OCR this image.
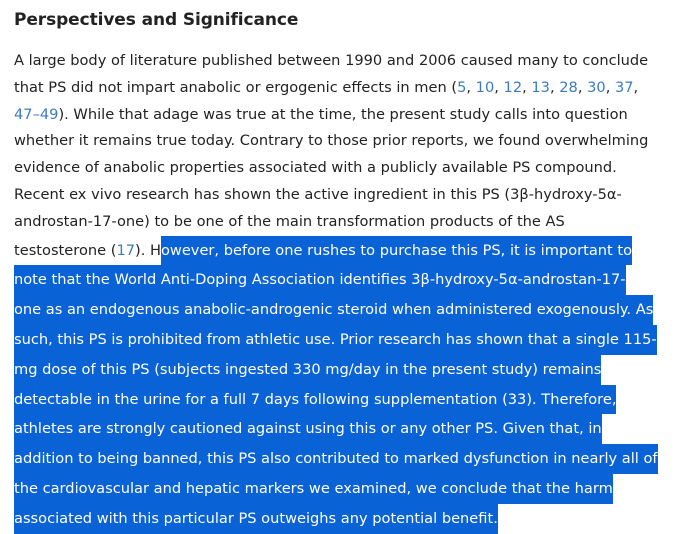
Perspectives and Significance

A large body of literature published between 1990 and 2006 caused many to conclude
that PS did not impart anabolic or ergogenic effects in men (5, 10, 12, 13, 28, 30, 37,
47–49). While that adage was true at the time, the present study calls into question
whether it remains true today. Contrary to those prior reports, we found overwhelming
evidence of anabolic properties associated with a publicly available PS compound.
Recent ex vivo research has shown the active ingredient in this PS (3β-hydroxy-5α-
androstan-17-one) to be one of the main transformation products of the AS
testosterone (17). However, before one rushes to purchase this PS, it is important to
note that the World Anti-Doping Association identifies 3β-hydroxy-5α-androstan-17-
one as an endogenous anabolic-androgenic steroid when administered exogenously. As
such, this PS is prohibited from athletic use. Prior research has shown that a single 115-
mg dose of this PS (subjects ingested 330 mg/day in the present study) remains
detectable in the urine for a full 7 days following supplementation (33). Therefore,
athletes are strongly cautioned against using this or any other PS. Given that, in
addition to being banned, this PS also contributed to marked dysfunction in nearly all of
the cardiovascular and hepatic markers we examined, we conclude that the harm
associated with this particular PS outweighs any potential benefit.
